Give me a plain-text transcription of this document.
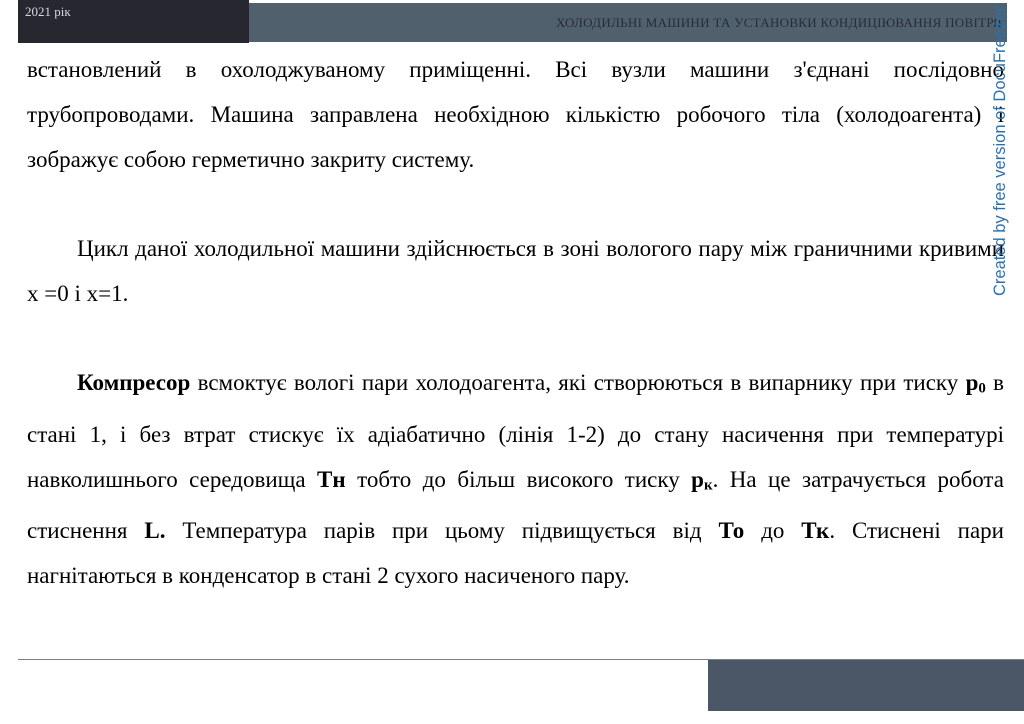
2021 рік
ХОЛОДИЛЬНІ МАШИНИ ТА УСТАНОВКИ КОНДИЦІЮВАННЯ ПОВІТРЯ

встановлений в охолоджуваному приміщенні. Всі вузли машини з'єднані послідовно трубопроводами. Машина заправлена необхідною кількістю робочого тіла (холодоагента) і зображує собою герметично закриту систему.

Цикл даної холодильної машини здійснюється в зоні вологого пару між граничними кривими х =0 і х=1.

Компресор всмоктує вологі пари холодоагента, які створюються в випарнику при тиску р0 в стані 1, і без втрат стискує їх адіабатично (лінія 1-2) до стану насичення при температурі навколишнього середовища Тн тобто до більш високого тиску рк. На це затрачується робота стиснення L. Температура парів при цьому підвищується від То до Тк. Стиснені пари нагнітаються в конденсатор в стані 2 сухого насиченого пару.

Created by free version of DocuFreezer
